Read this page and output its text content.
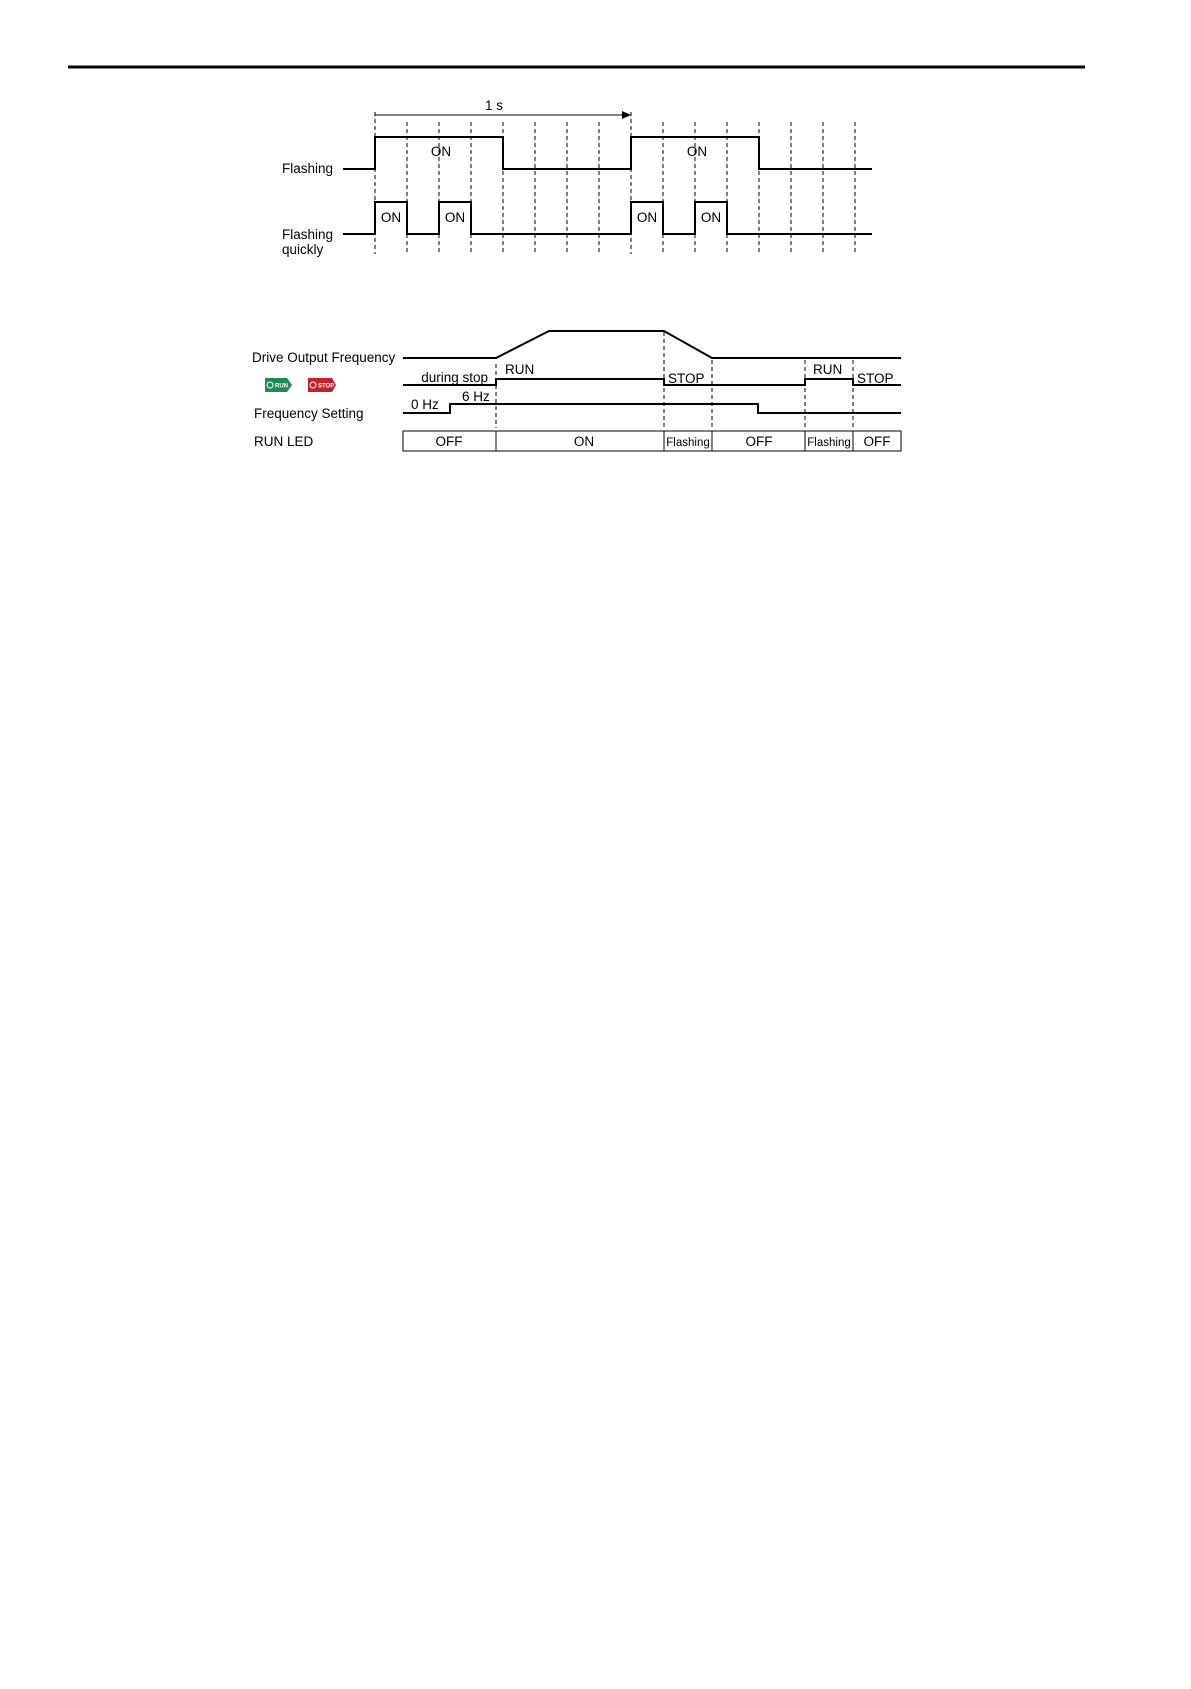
1 s
Flashing
ON	ON
Flashing
quickly
ON	ON	ON	ON
Drive Output Frequency
RUN	STOP
during stop
RUN
STOP
RUN
STOP
Frequency Setting
0 Hz
6 Hz
RUN LED	OFF	ON	Flashing	OFF	Flashing OFF
